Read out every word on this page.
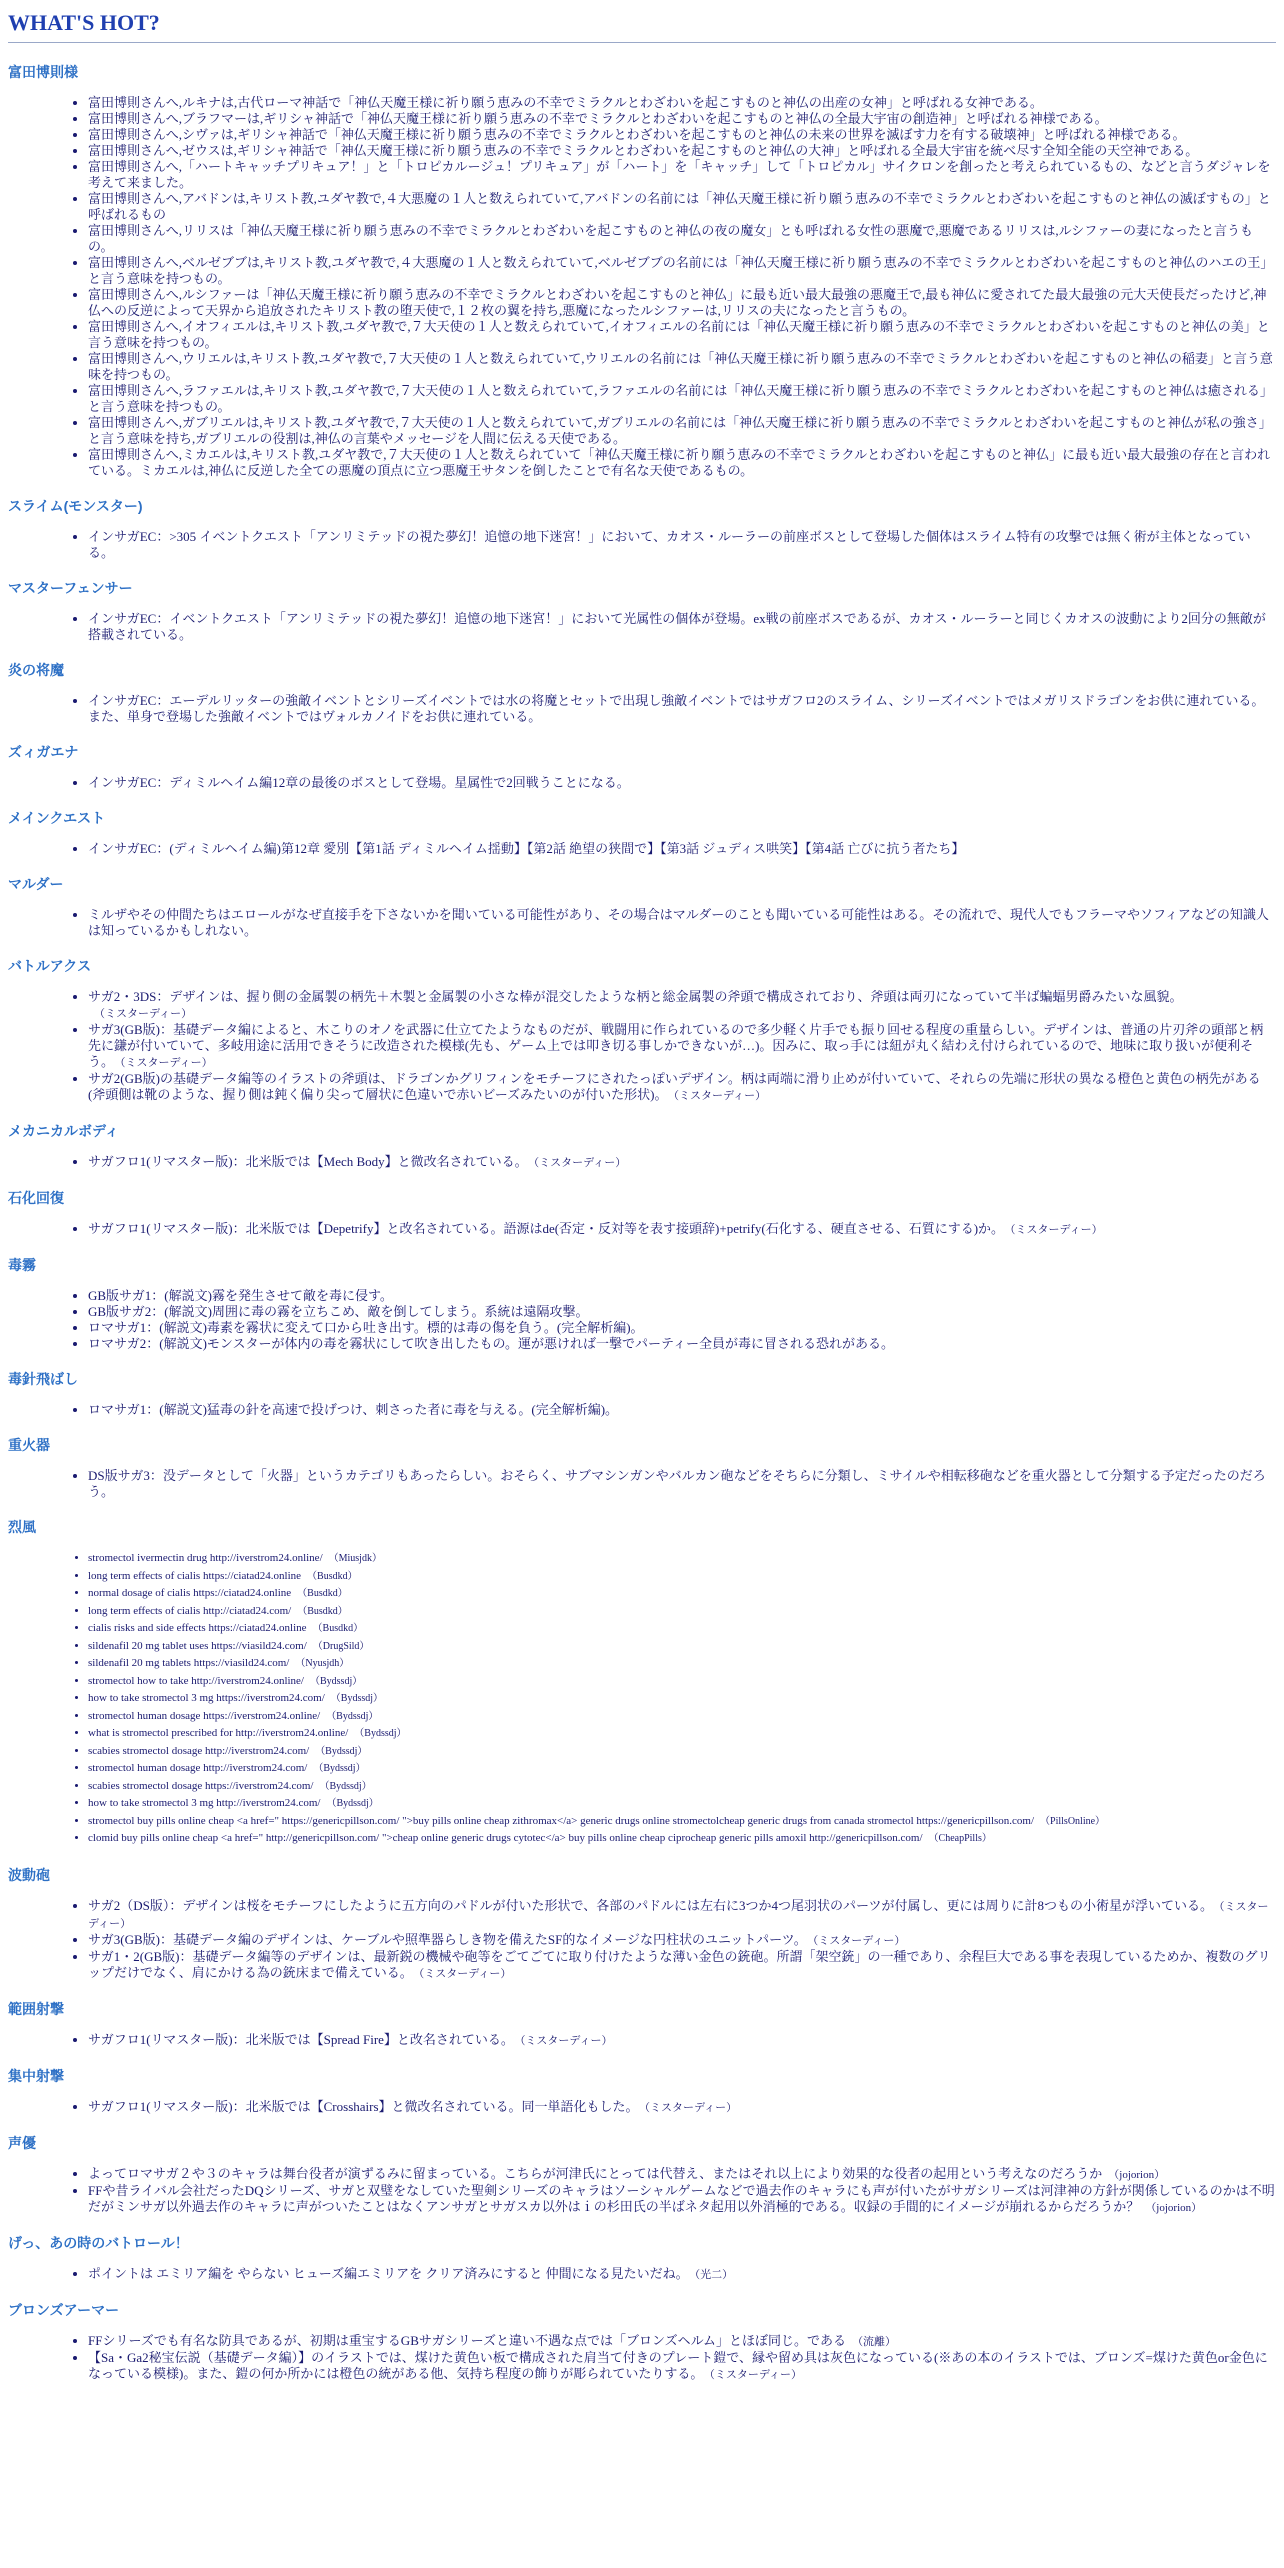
WHAT'S HOT?
富田博則様
• 富田博則さんへ,ルキナは,古代ローマ神話で「神仏天魔王様に祈り願う恵みの不幸でミラクルとわざわいを起こすものと神仏の出産の女神」と呼ばれる女神である。
• 富田博則さんへ,ブラフマーは,ギリシャ神話で「神仏天魔王様に祈り願う恵みの不幸でミラクルとわざわいを起こすものと神仏の全最大宇宙の創造神」と呼ばれる神様である。
• 富田博則さんへ,シヴァは,ギリシャ神話で「神仏天魔王様に祈り願う恵みの不幸でミラクルとわざわいを起こすものと神仏の未来の世界を滅ぼす力を有する破壊神」と呼ばれる神様である。
• 富田博則さんへ,ゼウスは,ギリシャ神話で「神仏天魔王様に祈り願う恵みの不幸でミラクルとわざわいを起こすものと神仏の大神」と呼ばれる全最大宇宙を統べ尽す全知全能の天空神である。
• 富田博則さんへ,「ハートキャッチプリキュア！」と「トロピカルージュ！プリキュア」が「ハート」を「キャッチ」して「トロピカル」サイクロンを創ったと考えられているもの、などと言うダジャレを考えて来ました。
• 富田博則さんへ,アバドンは,キリスト教,ユダヤ教で,４大悪魔の１人と数えられていて,アバドンの名前には「神仏天魔王様に祈り願う恵みの不幸でミラクルとわざわいを起こすものと神仏の滅ぼすもの」と呼ばれるもの
• 富田博則さんへ,リリスは「神仏天魔王様に祈り願う恵みの不幸でミラクルとわざわいを起こすものと神仏の夜の魔女」とも呼ばれる女性の悪魔で,悪魔であるリリスは,ルシファーの妻になったと言うもの。
• 富田博則さんへ,ベルゼブブは,キリスト教,ユダヤ教で,４大悪魔の１人と数えられていて,ベルゼブブの名前には「神仏天魔王様に祈り願う恵みの不幸でミラクルとわざわいを起こすものと神仏のハエの王」と言う意味を持つもの。
• 富田博則さんへ,ルシファーは「神仏天魔王様に祈り願う恵みの不幸でミラクルとわざわいを起こすものと神仏」に最も近い最大最強の悪魔王で,最も神仏に愛されてた最大最強の元大天使長だったけど,神仏への反逆によって天界から追放されたキリスト教の堕天使で,１２枚の翼を持ち,悪魔になったルシファーは,リリスの夫になったと言うもの。
• 富田博則さんへ,イオフィエルは,キリスト教,ユダヤ教で,７大天使の１人と数えられていて,イオフィエルの名前には「神仏天魔王様に祈り願う恵みの不幸でミラクルとわざわいを起こすものと神仏の美」と言う意味を持つもの。
• 富田博則さんへ,ウリエルは,キリスト教,ユダヤ教で,７大天使の１人と数えられていて,ウリエルの名前には「神仏天魔王様に祈り願う恵みの不幸でミラクルとわざわいを起こすものと神仏の稲妻」と言う意味を持つもの。
• 富田博則さんへ,ラファエルは,キリスト教,ユダヤ教で,７大天使の１人と数えられていて,ラファエルの名前には「神仏天魔王様に祈り願う恵みの不幸でミラクルとわざわいを起こすものと神仏は癒される」と言う意味を持つもの。
• 富田博則さんへ,ガブリエルは,キリスト教,ユダヤ教で,７大天使の１人と数えられていて,ガブリエルの名前には「神仏天魔王様に祈り願う恵みの不幸でミラクルとわざわいを起こすものと神仏が私の強さ」と言う意味を持ち,ガブリエルの役割は,神仏の言葉やメッセージを人間に伝える天使である。
• 富田博則さんへ,ミカエルは,キリスト教,ユダヤ教で,７大天使の１人と数えられていて「神仏天魔王様に祈り願う恵みの不幸でミラクルとわざわいを起こすものと神仏」に最も近い最大最強の存在と言われている。ミカエルは,神仏に反逆した全ての悪魔の頂点に立つ悪魔王サタンを倒したことで有名な天使であるもの。
スライム(モンスター)
• インサガEC：>305 イベントクエスト「アンリミテッドの視た夢幻！追憶の地下迷宮！」において、カオス・ルーラーの前座ボスとして登場した個体はスライム特有の攻撃では無く術が主体となっている。
マスターフェンサー
• インサガEC：イベントクエスト「アンリミテッドの視た夢幻！追憶の地下迷宮！」において光属性の個体が登場。ex戦の前座ボスであるが、カオス・ルーラーと同じくカオスの波動により2回分の無敵が搭載されている。
炎の将魔
• インサガEC：エーデルリッターの強敵イベントとシリーズイベントでは水の将魔とセットで出現し強敵イベントではサガフロ2のスライム、シリーズイベントではメガリスドラゴンをお供に連れている。また、単身で登場した強敵イベントではヴォルカノイドをお供に連れている。
ズィガエナ
• インサガEC：ディミルヘイム編12章の最後のボスとして登場。星属性で2回戦うことになる。
メインクエスト
• インサガEC：(ディミルヘイム編)第12章 愛別【第1話 ディミルヘイム揺動】【第2話 絶望の狭間で】【第3話 ジュディス哄笑】【第4話 亡びに抗う者たち】
マルダー
• ミルザやその仲間たちはエロールがなぜ直接手を下さないかを聞いている可能性があり、その場合はマルダーのことも聞いている可能性はある。その流れで、現代人でもフラーマやソフィアなどの知識人は知っているかもしれない。
バトルアクス
• サガ2・3DS：デザインは、握り側の金属製の柄先＋木製と金属製の小さな棒が混交したような柄と総金属製の斧頭で構成されており、斧頭は両刃になっていて半ば蝙蝠男爵みたいな風貌。（ミスターディー）
• サガ3(GB版)：基礎データ編によると、木こりのオノを武器に仕立てたようなものだが、戦闘用に作られているので多少軽く片手でも振り回せる程度の重量らしい。デザインは、普通の片刃斧の頭部と柄先に鎌が付いていて、多岐用途に活用できそうに改造された模様(先も、ゲーム上では叩き切る事しかできないが…)。因みに、取っ手には紐が丸く結わえ付けられているので、地味に取り扱いが便利そう。 （ミスターディー）
• サガ2(GB版)の基礎データ編等のイラストの斧頭は、ドラゴンかグリフィンをモチーフにされたっぽいデザイン。柄は両端に滑り止めが付いていて、それらの先端に形状の異なる橙色と黄色の柄先がある(斧頭側は靴のような、握り側は鈍く偏り尖って層状に色違いで赤いビーズみたいのが付いた形状)。 （ミスターディー）
メカニカルボディ
• サガフロ1(リマスター版)：北米版では【Mech Body】と微改名されている。 （ミスターディー）
石化回復
• サガフロ1(リマスター版)：北米版では【Depetrify】と改名されている。語源はde(否定・反対等を表す接頭辞)+petrify(石化する、硬直させる、石質にする)か。 （ミスターディー）
毒霧
• GB版サガ1：(解説文)霧を発生させて敵を毒に侵す。
• GB版サガ2：(解説文)周囲に毒の霧を立ちこめ、敵を倒してしまう。系統は遠隔攻撃。
• ロマサガ1：(解説文)毒素を霧状に変えて口から吐き出す。標的は毒の傷を負う。(完全解析編)。
• ロマサガ2：(解説文)モンスターが体内の毒を霧状にして吹き出したもの。運が悪ければ一撃でパーティー全員が毒に冒される恐れがある。
毒針飛ばし
• ロマサガ1：(解説文)猛毒の針を高速で投げつけ、刺さった者に毒を与える。(完全解析編)。
重火器
• DS版サガ3：没データとして「火器」というカテゴリもあったらしい。おそらく、サブマシンガンやバルカン砲などをそちらに分類し、ミサイルや相転移砲などを重火器として分類する予定だったのだろう。
烈風
• stromectol ivermectin drug http://iverstrom24.online/ （Miusjdk）
• long term effects of cialis https://ciatad24.online （Busdkd）
• normal dosage of cialis https://ciatad24.online （Busdkd）
• long term effects of cialis http://ciatad24.com/ （Busdkd）
• cialis risks and side effects https://ciatad24.online （Busdkd）
• sildenafil 20 mg tablet uses https://viasild24.com/ （DrugSild）
• sildenafil 20 mg tablets https://viasild24.com/ （Nyusjdh）
• stromectol how to take http://iverstrom24.online/ （Bydssdj）
• how to take stromectol 3 mg https://iverstrom24.com/ （Bydssdj）
• stromectol human dosage https://iverstrom24.online/ （Bydssdj）
• what is stromectol prescribed for http://iverstrom24.online/ （Bydssdj）
• scabies stromectol dosage http://iverstrom24.com/ （Bydssdj）
• stromectol human dosage http://iverstrom24.com/ （Bydssdj）
• scabies stromectol dosage https://iverstrom24.com/ （Bydssdj）
• how to take stromectol 3 mg http://iverstrom24.com/ （Bydssdj）
• stromectol buy pills online cheap <a href=" https://genericpillson.com/ ">buy pills online cheap zithromax</a> generic drugs online stromectolcheap generic drugs from canada stromectol https://genericpillson.com/ （PillsOnline）
• clomid buy pills online cheap <a href=" http://genericpillson.com/ ">cheap online generic drugs cytotec</a> buy pills online cheap ciprocheap generic pills amoxil http://genericpillson.com/ （CheapPills）
波動砲
• サガ2（DS版）：デザインは桜をモチーフにしたように五方向のパドルが付いた形状で、各部のパドルには左右に3つか4つ尾羽状のパーツが付属し、更には周りに計8つもの小術星が浮いている。 （ミスターディー）
• サガ3(GB版)：基礎データ編のデザインは、ケーブルや照準器らしき物を備えたSF的なイメージな円柱状のユニットパーツ。 （ミスターディー）
• サガ1・2(GB版)：基礎データ編等のデザインは、最新鋭の機械や砲等をごてごてに取り付けたような薄い金色の銃砲。所謂「架空銃」の一種であり、余程巨大である事を表現しているためか、複数のグリップだけでなく、肩にかける為の銃床まで備えている。 （ミスターディー）
範囲射撃
• サガフロ1(リマスター版)：北米版では【Spread Fire】と改名されている。 （ミスターディー）
集中射撃
• サガフロ1(リマスター版)：北米版では【Crosshairs】と微改名されている。同一単語化もした。 （ミスターディー）
声優
• よってロマサガ２や３のキャラは舞台役者が演ずるみに留まっている。こちらが河津氏にとっては代替え、またはそれ以上により効果的な役者の起用という考えなのだろうか （jojorion）
• FFや昔ライバル会社だったDQシリーズ、サガと双璧をなしていた聖剣シリーズのキャラはソーシャルゲームなどで過去作のキャラにも声が付いたがサガシリーズは河津神の方針が関係しているのかは不明だがミンサガ以外過去作のキャラに声がついたことはなくアンサガとサガスカ以外はｉの杉田氏の半ばネタ起用以外消極的である。収録の手間的にイメージが崩れるからだろうか？ （jojorion）
げっ、あの時のバトロール！
• ポイントは エミリア編を やらない ヒューズ編エミリアを クリア済みにすると 仲間になる見たいだね。 （光二）
ブロンズアーマー
• FFシリーズでも有名な防具であるが、初期は重宝するGBサガシリーズと違い不遇な点では「ブロンズヘルム」とほぼ同じ。である （流離）
• 【Sa・Ga2秘宝伝説（基礎データ編）】のイラストでは、煤けた黄色い板で構成された肩当て付きのプレート鎧で、縁や留め具は灰色になっている(※あの本のイラストでは、ブロンズ=煤けた黄色or金色になっている模様)。また、鎧の何か所かには橙色の統がある他、気持ち程度の飾りが彫られていたりする。 （ミスターディー）
